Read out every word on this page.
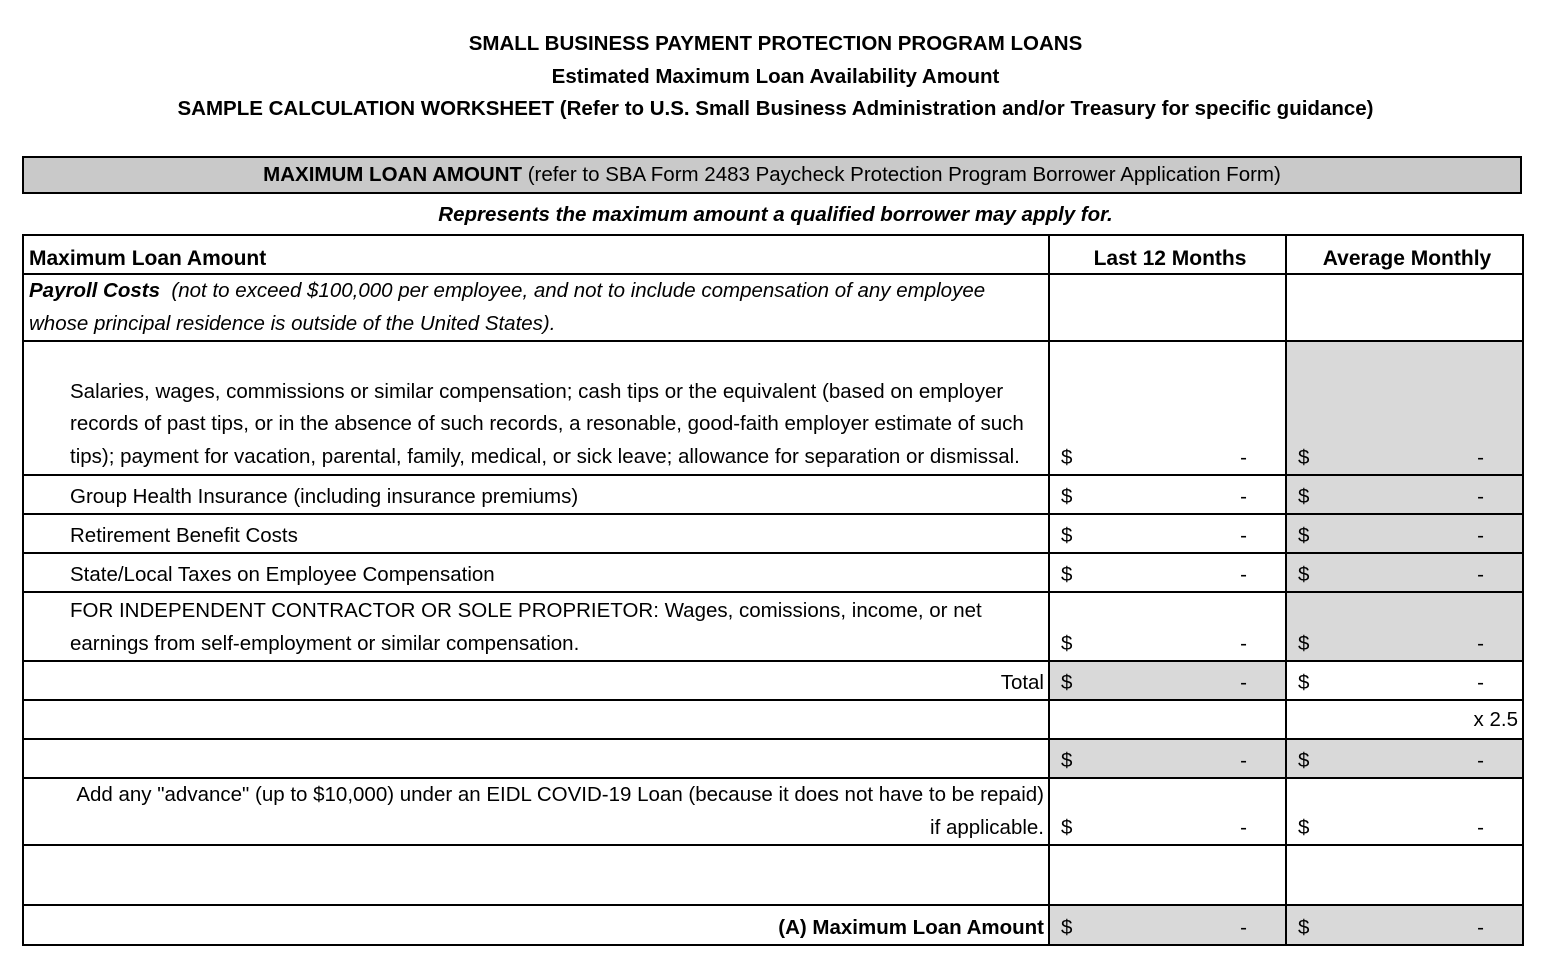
SMALL BUSINESS PAYMENT PROTECTION PROGRAM LOANS
Estimated Maximum Loan Availability Amount
SAMPLE CALCULATION WORKSHEET (Refer to U.S. Small Business Administration and/or Treasury for specific guidance)
MAXIMUM LOAN AMOUNT (refer to SBA Form 2483 Paycheck Protection Program Borrower Application Form)
Represents the maximum amount a qualified borrower may apply for.
Maximum Loan Amount	Last 12 Months	Average Monthly
Payroll Costs  (not to exceed $100,000 per employee, and not to include compensation of any employee whose principal residence is outside of the United States).		
Salaries, wages, commissions or similar compensation; cash tips or the equivalent (based on employer records of past tips, or in the absence of such records, a resonable, good-faith employer estimate of such tips); payment for vacation, parental, family, medical, or sick leave; allowance for separation or dismissal.	$ -	$ -

Group Health Insurance (including insurance premiums)	$ -	$ -

Retirement Benefit Costs	$ -	$ -

State/Local Taxes on Employee Compensation	$ -	$ -

FOR INDEPENDENT CONTRACTOR OR SOLE PROPRIETOR: Wages, comissions, income, or net earnings from self-employment or similar compensation.	$ -	$ -

Total	$ -	$ -

		x 2.5

	$ -	$ -

Add any "advance" (up to $10,000) under an EIDL COVID-19 Loan (because it does not have to be repaid) if applicable.	$ -	$ -

(A) Maximum Loan Amount	$ -	$ -
